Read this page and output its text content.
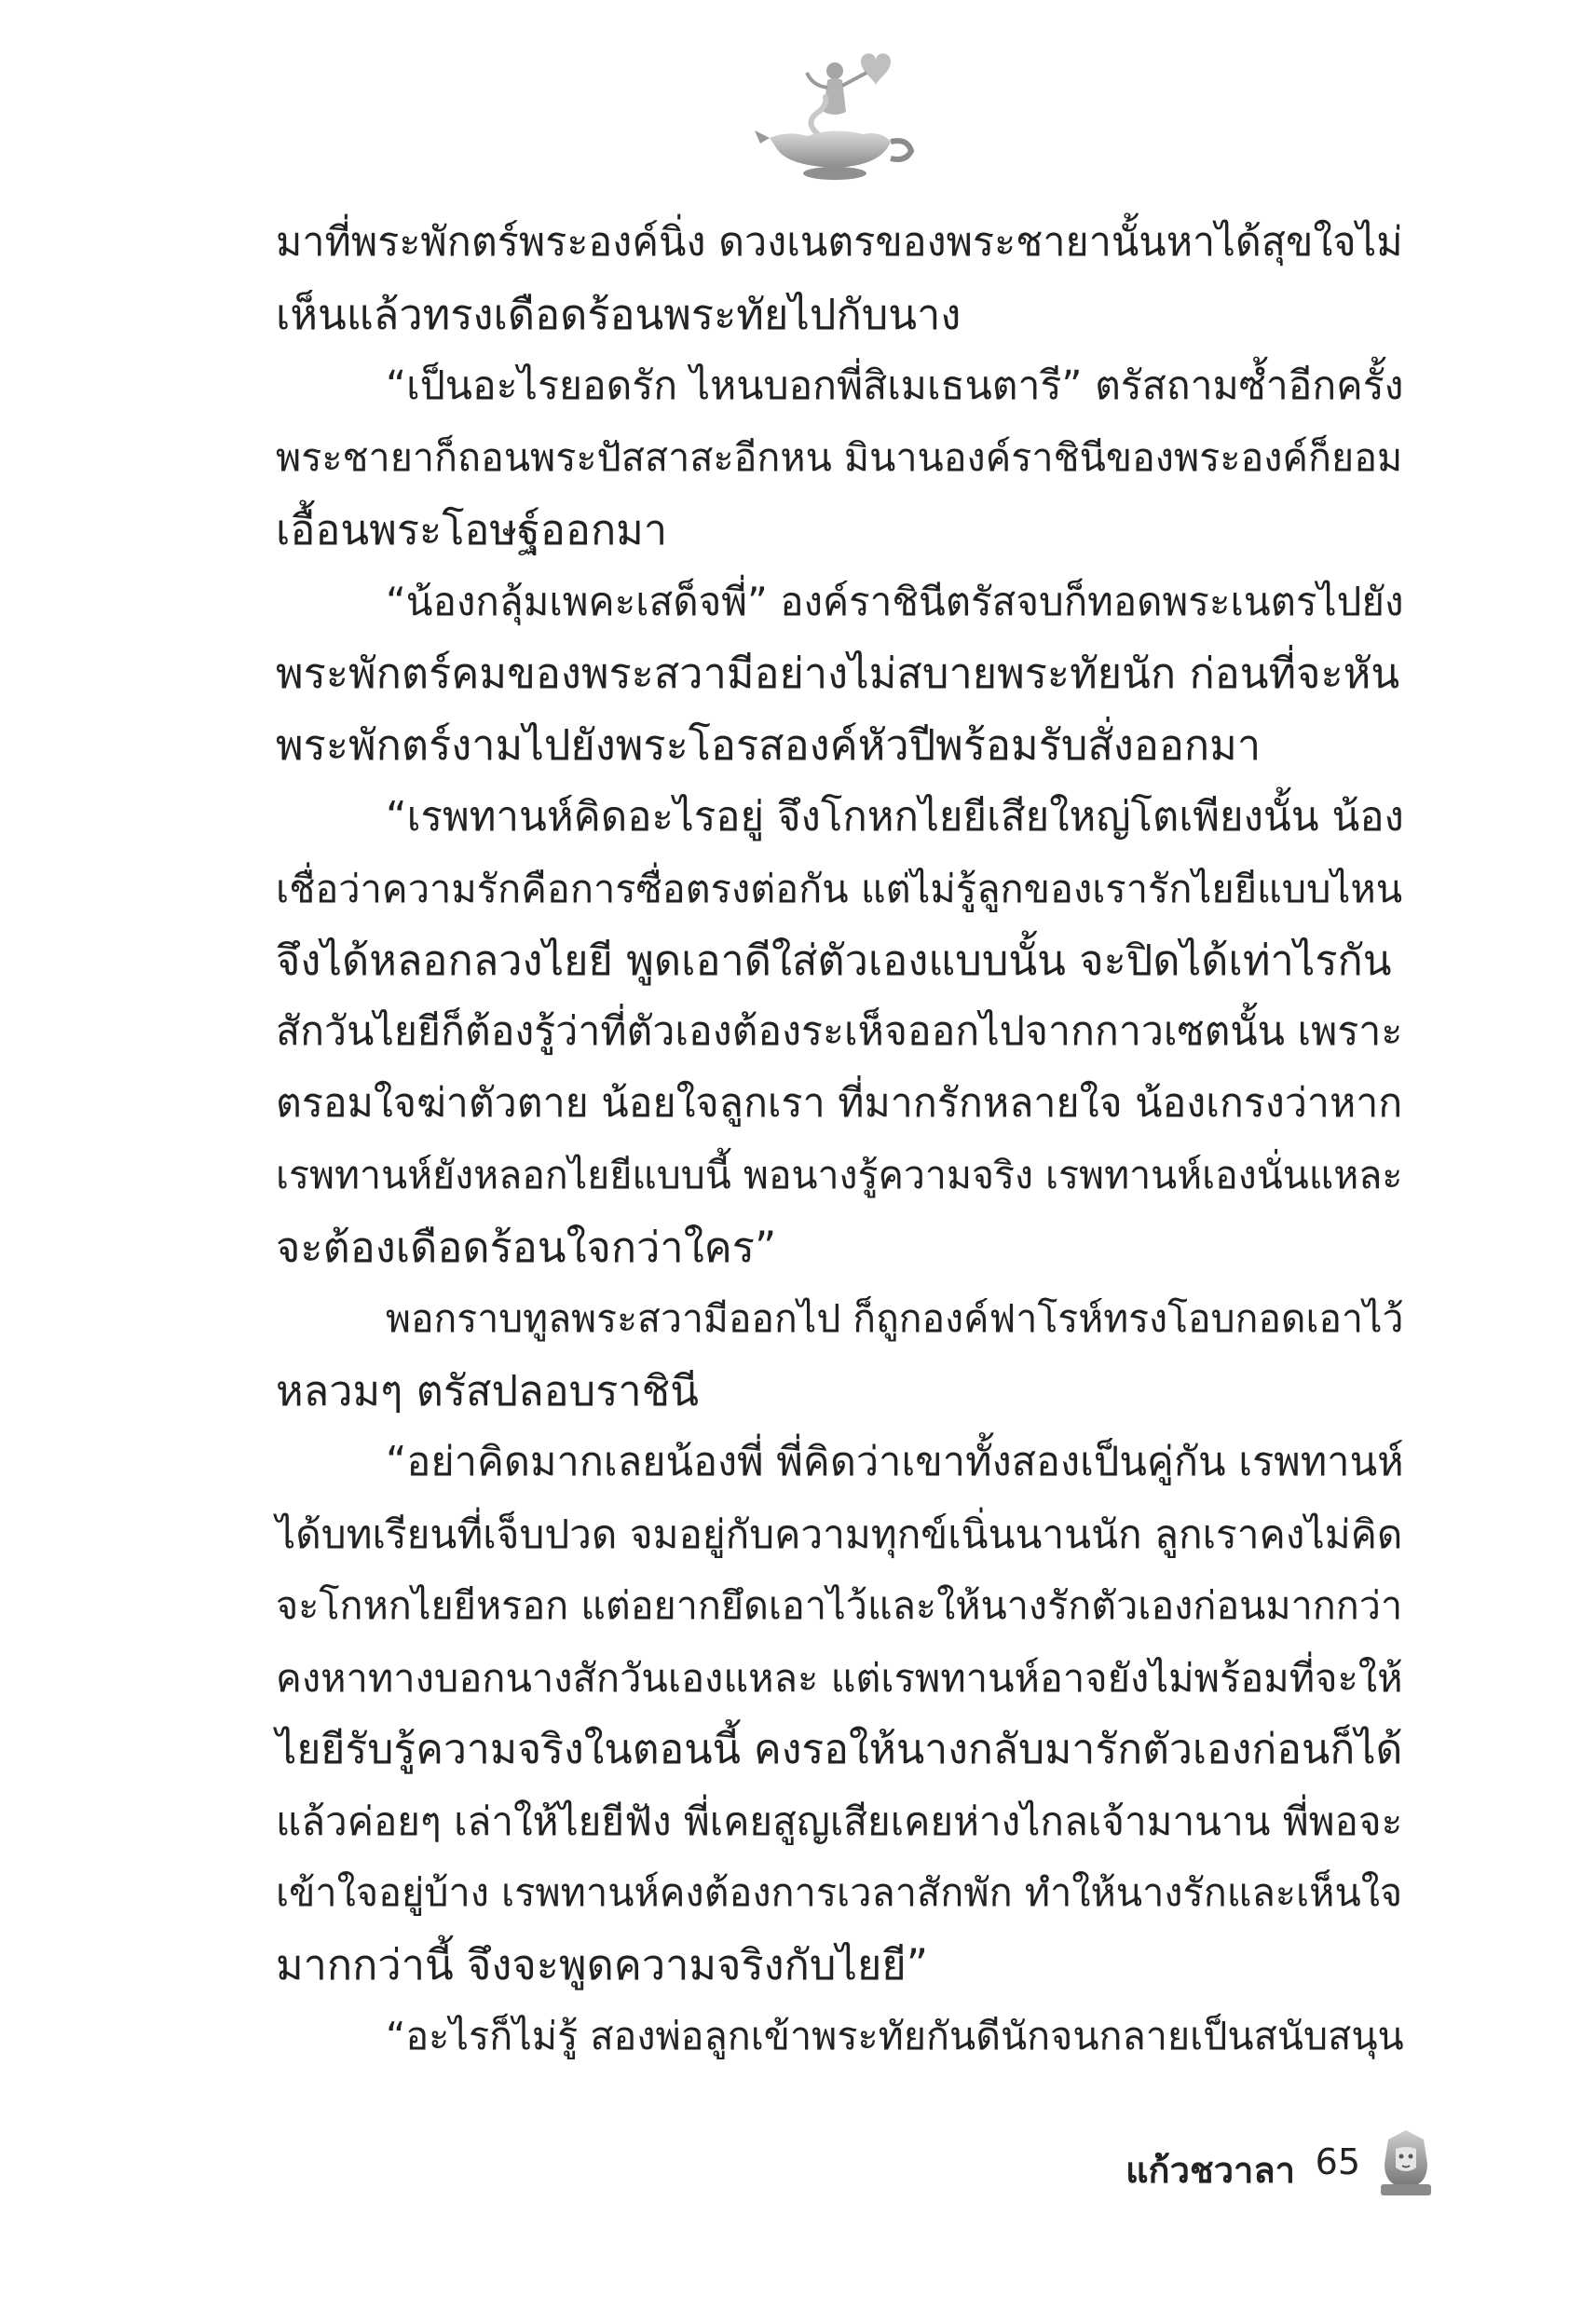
มาที่พระพักตร์พระองค์นิ่ง ดวงเนตรของพระชายานั้นหาได้สุขใจไม่
เห็นแล้วทรงเดือดร้อนพระทัยไปกับนาง
“เป็นอะไรยอดรัก ไหนบอกพี่สิเมเธนตารี” ตรัสถามซ้ำอีกครั้ง
พระชายาก็ถอนพระปัสสาสะอีกหน มินานองค์ราชินีของพระองค์ก็ยอม
เอื้อนพระโอษฐ์ออกมา
“น้องกลุ้มเพคะเสด็จพี่” องค์ราชินีตรัสจบก็ทอดพระเนตรไปยัง
พระพักตร์คมของพระสวามีอย่างไม่สบายพระทัยนัก ก่อนที่จะหัน
พระพักตร์งามไปยังพระโอรสองค์หัวปีพร้อมรับสั่งออกมา
“เรพทานห์คิดอะไรอยู่ จึงโกหกไยยีเสียใหญ่โตเพียงนั้น น้อง
เชื่อว่าความรักคือการซื่อตรงต่อกัน แต่ไม่รู้ลูกของเรารักไยยีแบบไหน
จึงได้หลอกลวงไยยี พูดเอาดีใส่ตัวเองแบบนั้น จะปิดได้เท่าไรกัน
สักวันไยยีก็ต้องรู้ว่าที่ตัวเองต้องระเห็จออกไปจากกาวเซตนั้น เพราะ
ตรอมใจฆ่าตัวตาย น้อยใจลูกเรา ที่มากรักหลายใจ น้องเกรงว่าหาก
เรพทานห์ยังหลอกไยยีแบบนี้ พอนางรู้ความจริง เรพทานห์เองนั่นแหละ
จะต้องเดือดร้อนใจกว่าใคร”
พอกราบทูลพระสวามีออกไป ก็ถูกองค์ฟาโรห์ทรงโอบกอดเอาไว้
หลวมๆ ตรัสปลอบราชินี
“อย่าคิดมากเลยน้องพี่ พี่คิดว่าเขาทั้งสองเป็นคู่กัน เรพทานห์
ได้บทเรียนที่เจ็บปวด จมอยู่กับความทุกข์เนิ่นนานนัก ลูกเราคงไม่คิด
จะโกหกไยยีหรอก แต่อยากยึดเอาไว้และให้นางรักตัวเองก่อนมากกว่า
คงหาทางบอกนางสักวันเองแหละ แต่เรพทานห์อาจยังไม่พร้อมที่จะให้
ไยยีรับรู้ความจริงในตอนนี้ คงรอให้นางกลับมารักตัวเองก่อนก็ได้
แล้วค่อยๆ เล่าให้ไยยีฟัง พี่เคยสูญเสียเคยห่างไกลเจ้ามานาน พี่พอจะ
เข้าใจอยู่บ้าง เรพทานห์คงต้องการเวลาสักพัก ทำให้นางรักและเห็นใจ
มากกว่านี้ จึงจะพูดความจริงกับไยยี”
“อะไรก็ไม่รู้ สองพ่อลูกเข้าพระทัยกันดีนักจนกลายเป็นสนับสนุน
แก้วชวาลา 65
